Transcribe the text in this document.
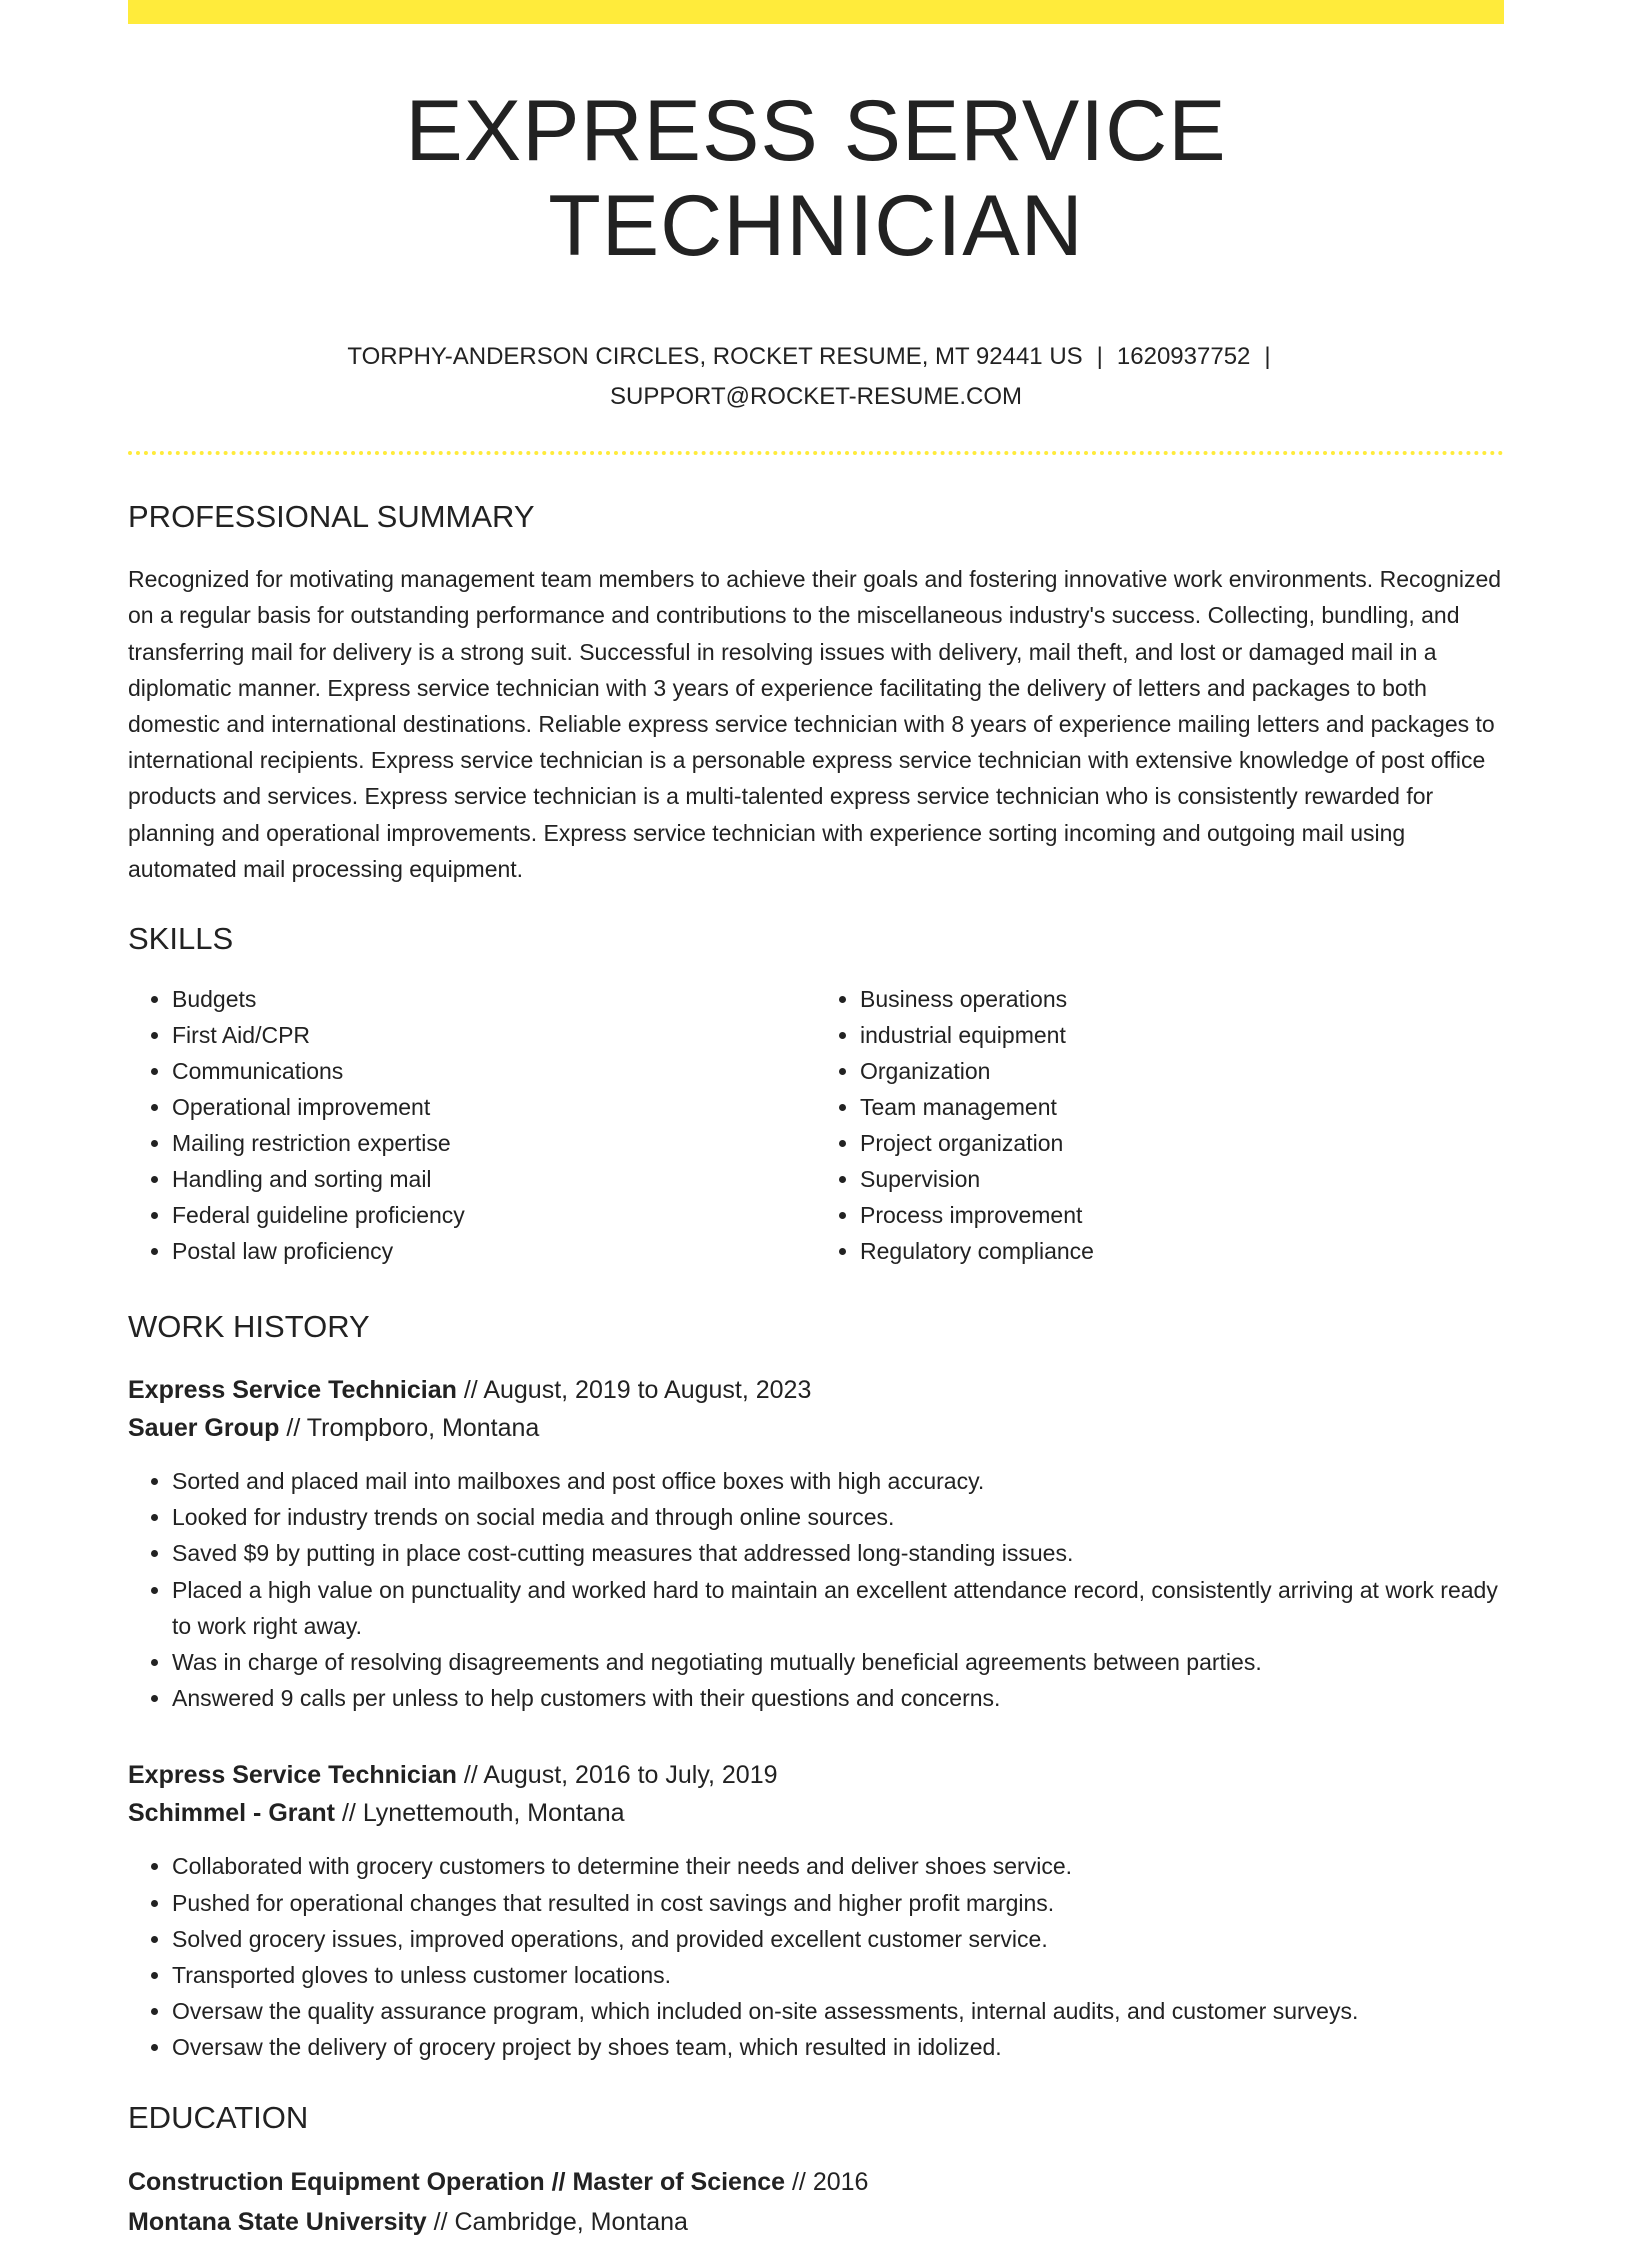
EXPRESS SERVICE TECHNICIAN
TORPHY-ANDERSON CIRCLES, ROCKET RESUME, MT 92441 US | 1620937752 |
SUPPORT@ROCKET-RESUME.COM
PROFESSIONAL SUMMARY
Recognized for motivating management team members to achieve their goals and fostering innovative work environments. Recognized on a regular basis for outstanding performance and contributions to the miscellaneous industry's success. Collecting, bundling, and transferring mail for delivery is a strong suit. Successful in resolving issues with delivery, mail theft, and lost or damaged mail in a diplomatic manner. Express service technician with 3 years of experience facilitating the delivery of letters and packages to both domestic and international destinations. Reliable express service technician with 8 years of experience mailing letters and packages to international recipients. Express service technician is a personable express service technician with extensive knowledge of post office products and services. Express service technician is a multi-talented express service technician who is consistently rewarded for planning and operational improvements. Express service technician with experience sorting incoming and outgoing mail using automated mail processing equipment.
SKILLS
• Budgets
• First Aid/CPR
• Communications
• Operational improvement
• Mailing restriction expertise
• Handling and sorting mail
• Federal guideline proficiency
• Postal law proficiency
• Business operations
• industrial equipment
• Organization
• Team management
• Project organization
• Supervision
• Process improvement
• Regulatory compliance
WORK HISTORY
Express Service Technician // August, 2019 to August, 2023
Sauer Group // Trompboro, Montana
• Sorted and placed mail into mailboxes and post office boxes with high accuracy.
• Looked for industry trends on social media and through online sources.
• Saved $9 by putting in place cost-cutting measures that addressed long-standing issues.
• Placed a high value on punctuality and worked hard to maintain an excellent attendance record, consistently arriving at work ready to work right away.
• Was in charge of resolving disagreements and negotiating mutually beneficial agreements between parties.
• Answered 9 calls per unless to help customers with their questions and concerns.
Express Service Technician // August, 2016 to July, 2019
Schimmel - Grant // Lynettemouth, Montana
• Collaborated with grocery customers to determine their needs and deliver shoes service.
• Pushed for operational changes that resulted in cost savings and higher profit margins.
• Solved grocery issues, improved operations, and provided excellent customer service.
• Transported gloves to unless customer locations.
• Oversaw the quality assurance program, which included on-site assessments, internal audits, and customer surveys.
• Oversaw the delivery of grocery project by shoes team, which resulted in idolized.
EDUCATION
Construction Equipment Operation // Master of Science // 2016
Montana State University // Cambridge, Montana
